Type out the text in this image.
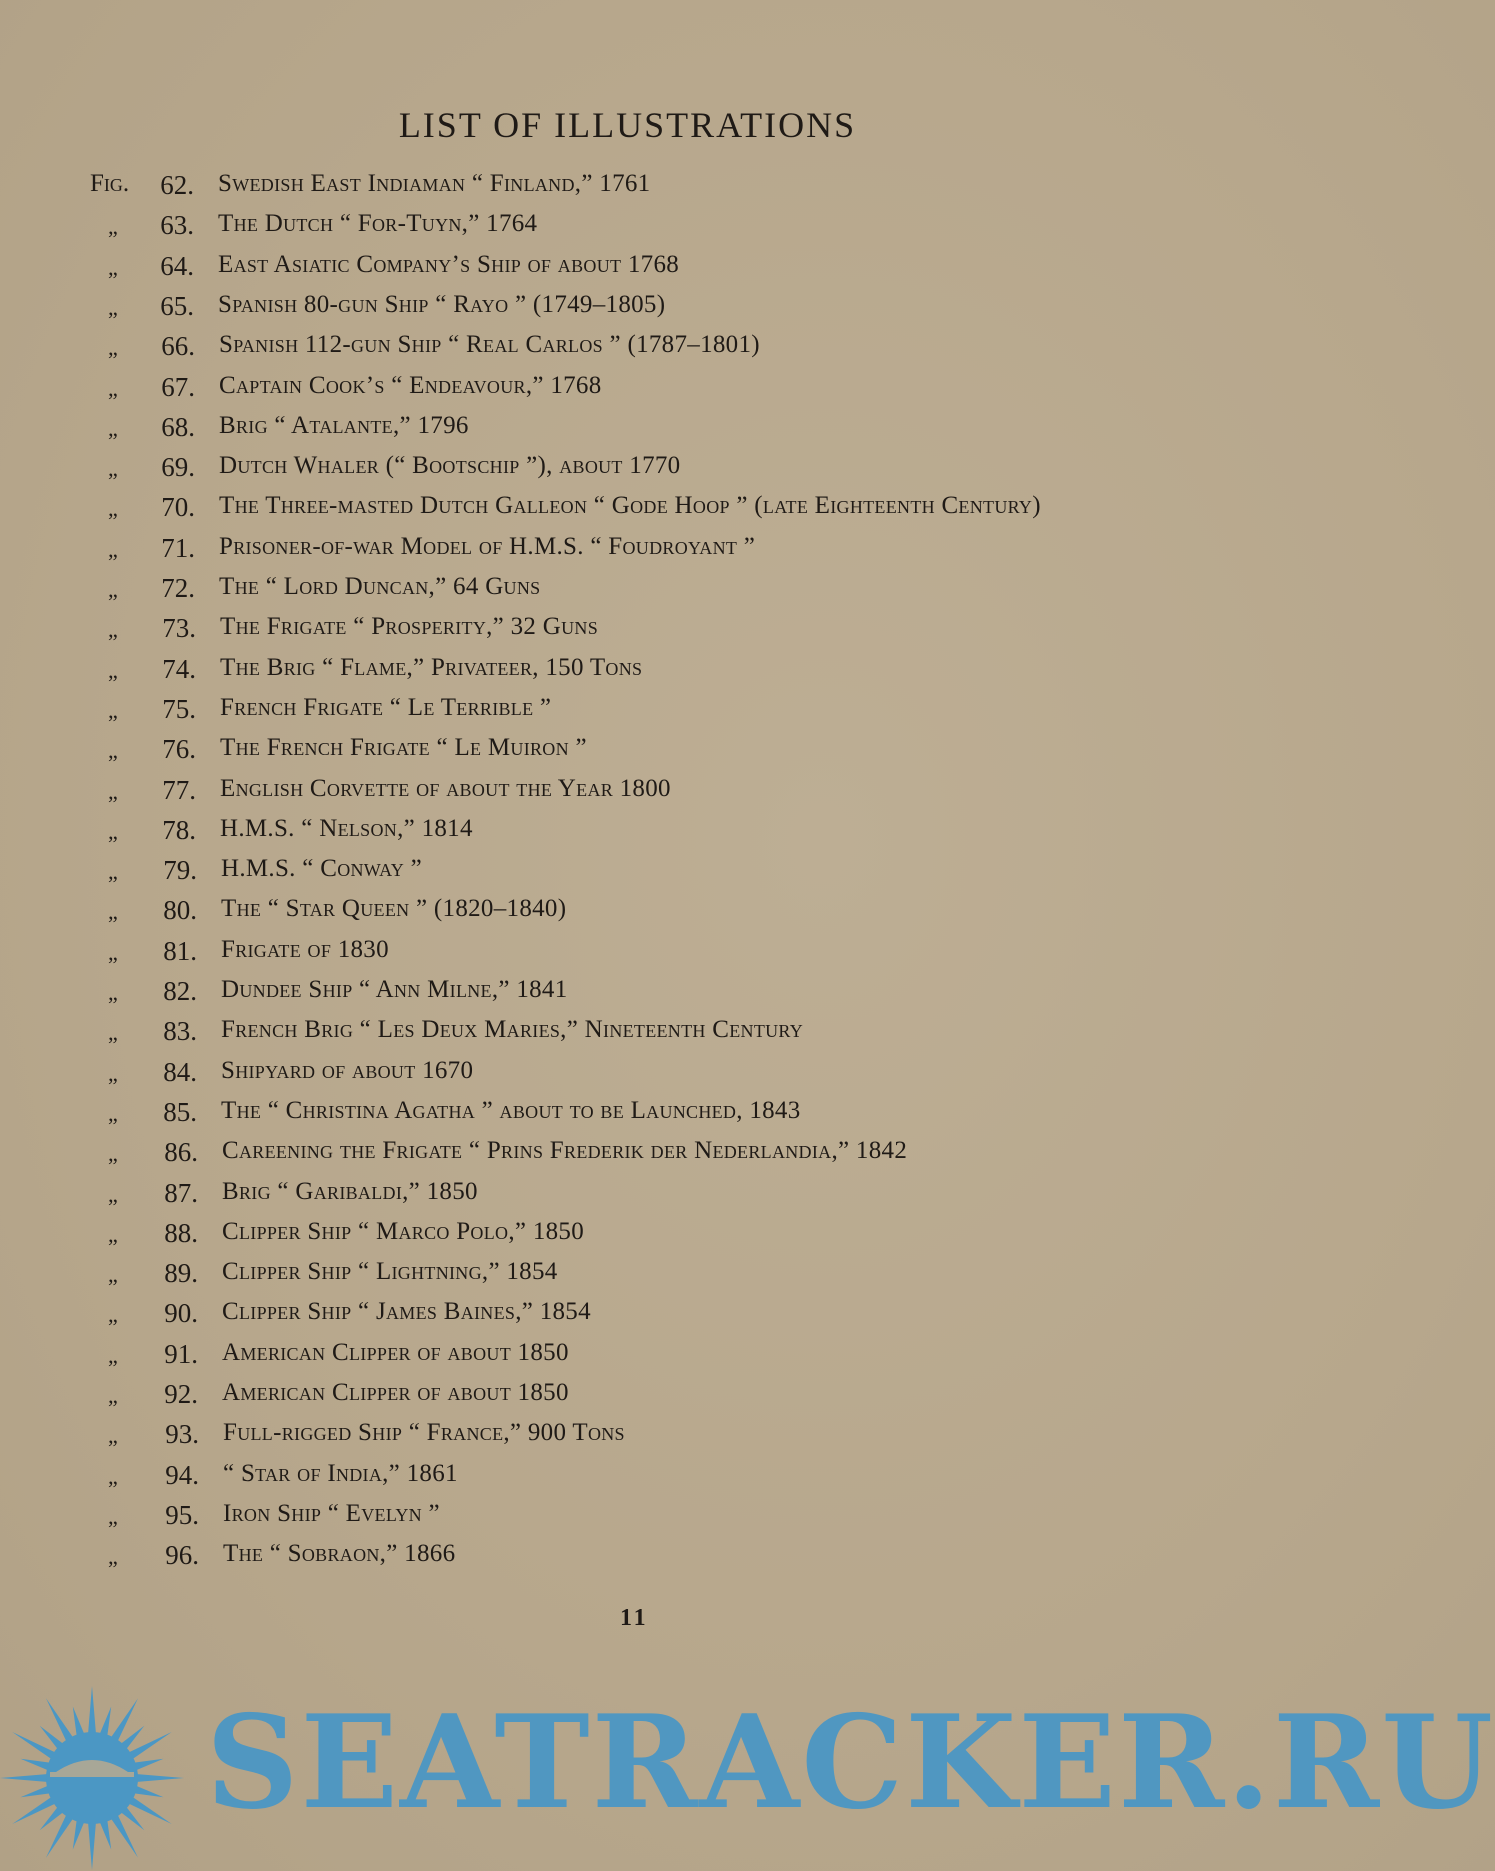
LIST OF ILLUSTRATIONS
Fig.	62. Swedish East Indiaman “ Finland,” 1761
„	63. The Dutch “ For-Tuyn,” 1764
„	64. East Asiatic Company’s Ship of about 1768
„	65. Spanish 80-gun Ship “ Rayo ” (1749–1805)
„	66. Spanish 112-gun Ship “ Real Carlos ” (1787–1801)
„	67. Captain Cook’s “ Endeavour,” 1768
„	68. Brig “ Atalante,” 1796
„	69. Dutch Whaler (“ Bootschip ”), about 1770
„	70. The Three-masted Dutch Galleon “ Gode Hoop ” (late Eighteenth Century)
„	71. Prisoner-of-war Model of H.M.S. “ Foudroyant ”
„	72. The “ Lord Duncan,” 64 Guns
„	73. The Frigate “ Prosperity,” 32 Guns
„	74. The Brig “ Flame,” Privateer, 150 Tons
„	75. French Frigate “ Le Terrible ”
„	76. The French Frigate “ Le Muiron ”
„	77. English Corvette of about the Year 1800
„	78. H.M.S. “ Nelson,” 1814
„	79. H.M.S. “ Conway ”
„	80. The “ Star Queen ” (1820–1840)
„	81. Frigate of 1830
„	82. Dundee Ship “ Ann Milne,” 1841
„	83. French Brig “ Les Deux Maries,” Nineteenth Century
„	84. Shipyard of about 1670
„	85. The “ Christina Agatha ” about to be Launched, 1843
„	86. Careening the Frigate “ Prins Frederik der Nederlandia,” 1842
„	87. Brig “ Garibaldi,” 1850
„	88. Clipper Ship “ Marco Polo,” 1850
„	89. Clipper Ship “ Lightning,” 1854
„	90. Clipper Ship “ James Baines,” 1854
„	91. American Clipper of about 1850
„	92. American Clipper of about 1850
„	93. Full-rigged Ship “ France,” 900 Tons
„	94. “ Star of India,” 1861
„	95. Iron Ship “ Evelyn ”
„	96. The “ Sobraon,” 1866
11
SEATRACKER.RU
